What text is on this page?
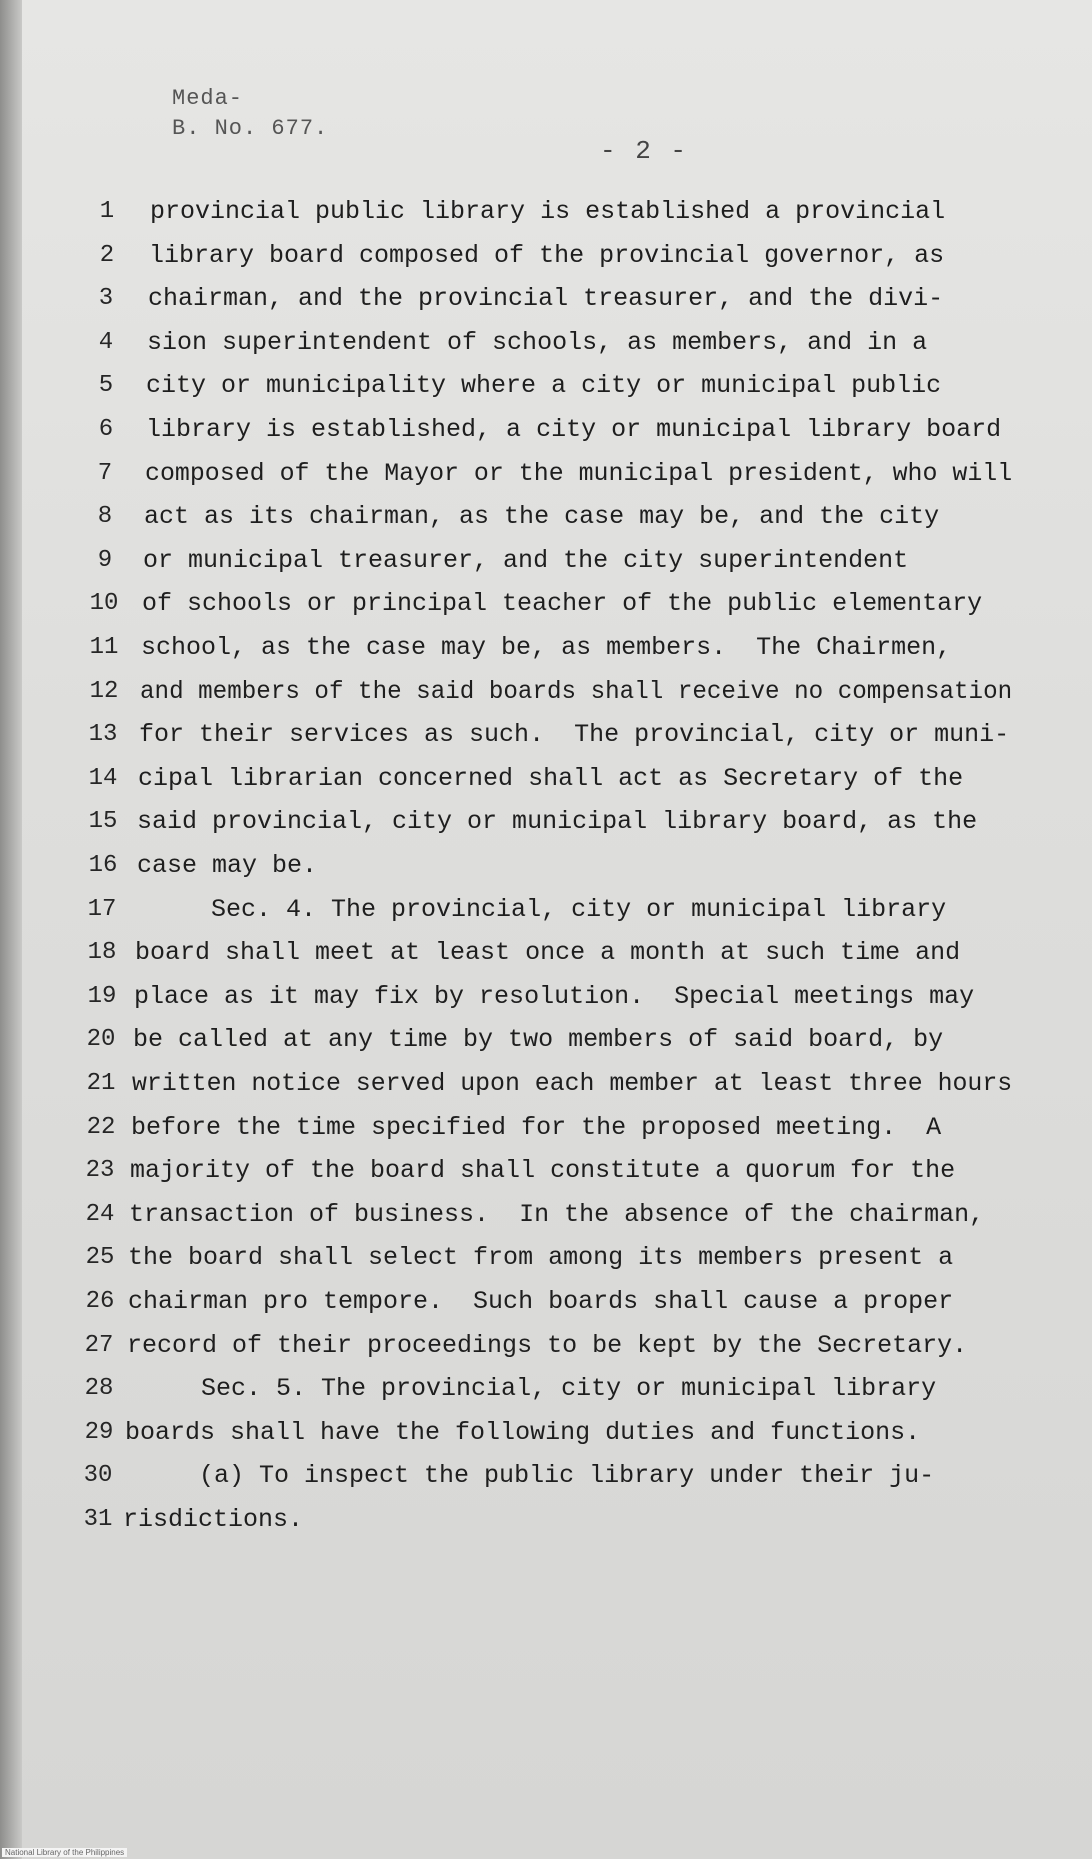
Meda-
B. No. 677.
- 2 -
1	provincial public library is established a provincial
2	library board composed of the provincial governor, as
3	chairman, and the provincial treasurer, and the divi-
4	sion superintendent of schools, as members, and in a
5	city or municipality where a city or municipal public
6	library is established, a city or municipal library board
7	composed of the Mayor or the municipal president, who will
8	act as its chairman, as the case may be, and the city
9	or municipal treasurer, and the city superintendent
10 of schools or principal teacher of the public elementary
11 school, as the case may be, as members.  The Chairmen,
12 and members of the said boards shall receive no compensation
13 for their services as such.  The provincial, city or muni-
14 cipal librarian concerned shall act as Secretary of the
15 said provincial, city or municipal library board, as the
16 case may be.
17 Sec. 4. The provincial, city or municipal library
18 board shall meet at least once a month at such time and
19 place as it may fix by resolution.  Special meetings may
20 be called at any time by two members of said board, by
21 written notice served upon each member at least three hours
22 before the time specified for the proposed meeting.  A
23 majority of the board shall constitute a quorum for the
24 transaction of business.  In the absence of the chairman,
25 the board shall select from among its members present a
26 chairman pro tempore.  Such boards shall cause a proper
27 record of their proceedings to be kept by the Secretary.
28 Sec. 5. The provincial, city or municipal library
29 boards shall have the following duties and functions.
30 (a) To inspect the public library under their ju-
31 risdictions.
National Library of the Philippines
